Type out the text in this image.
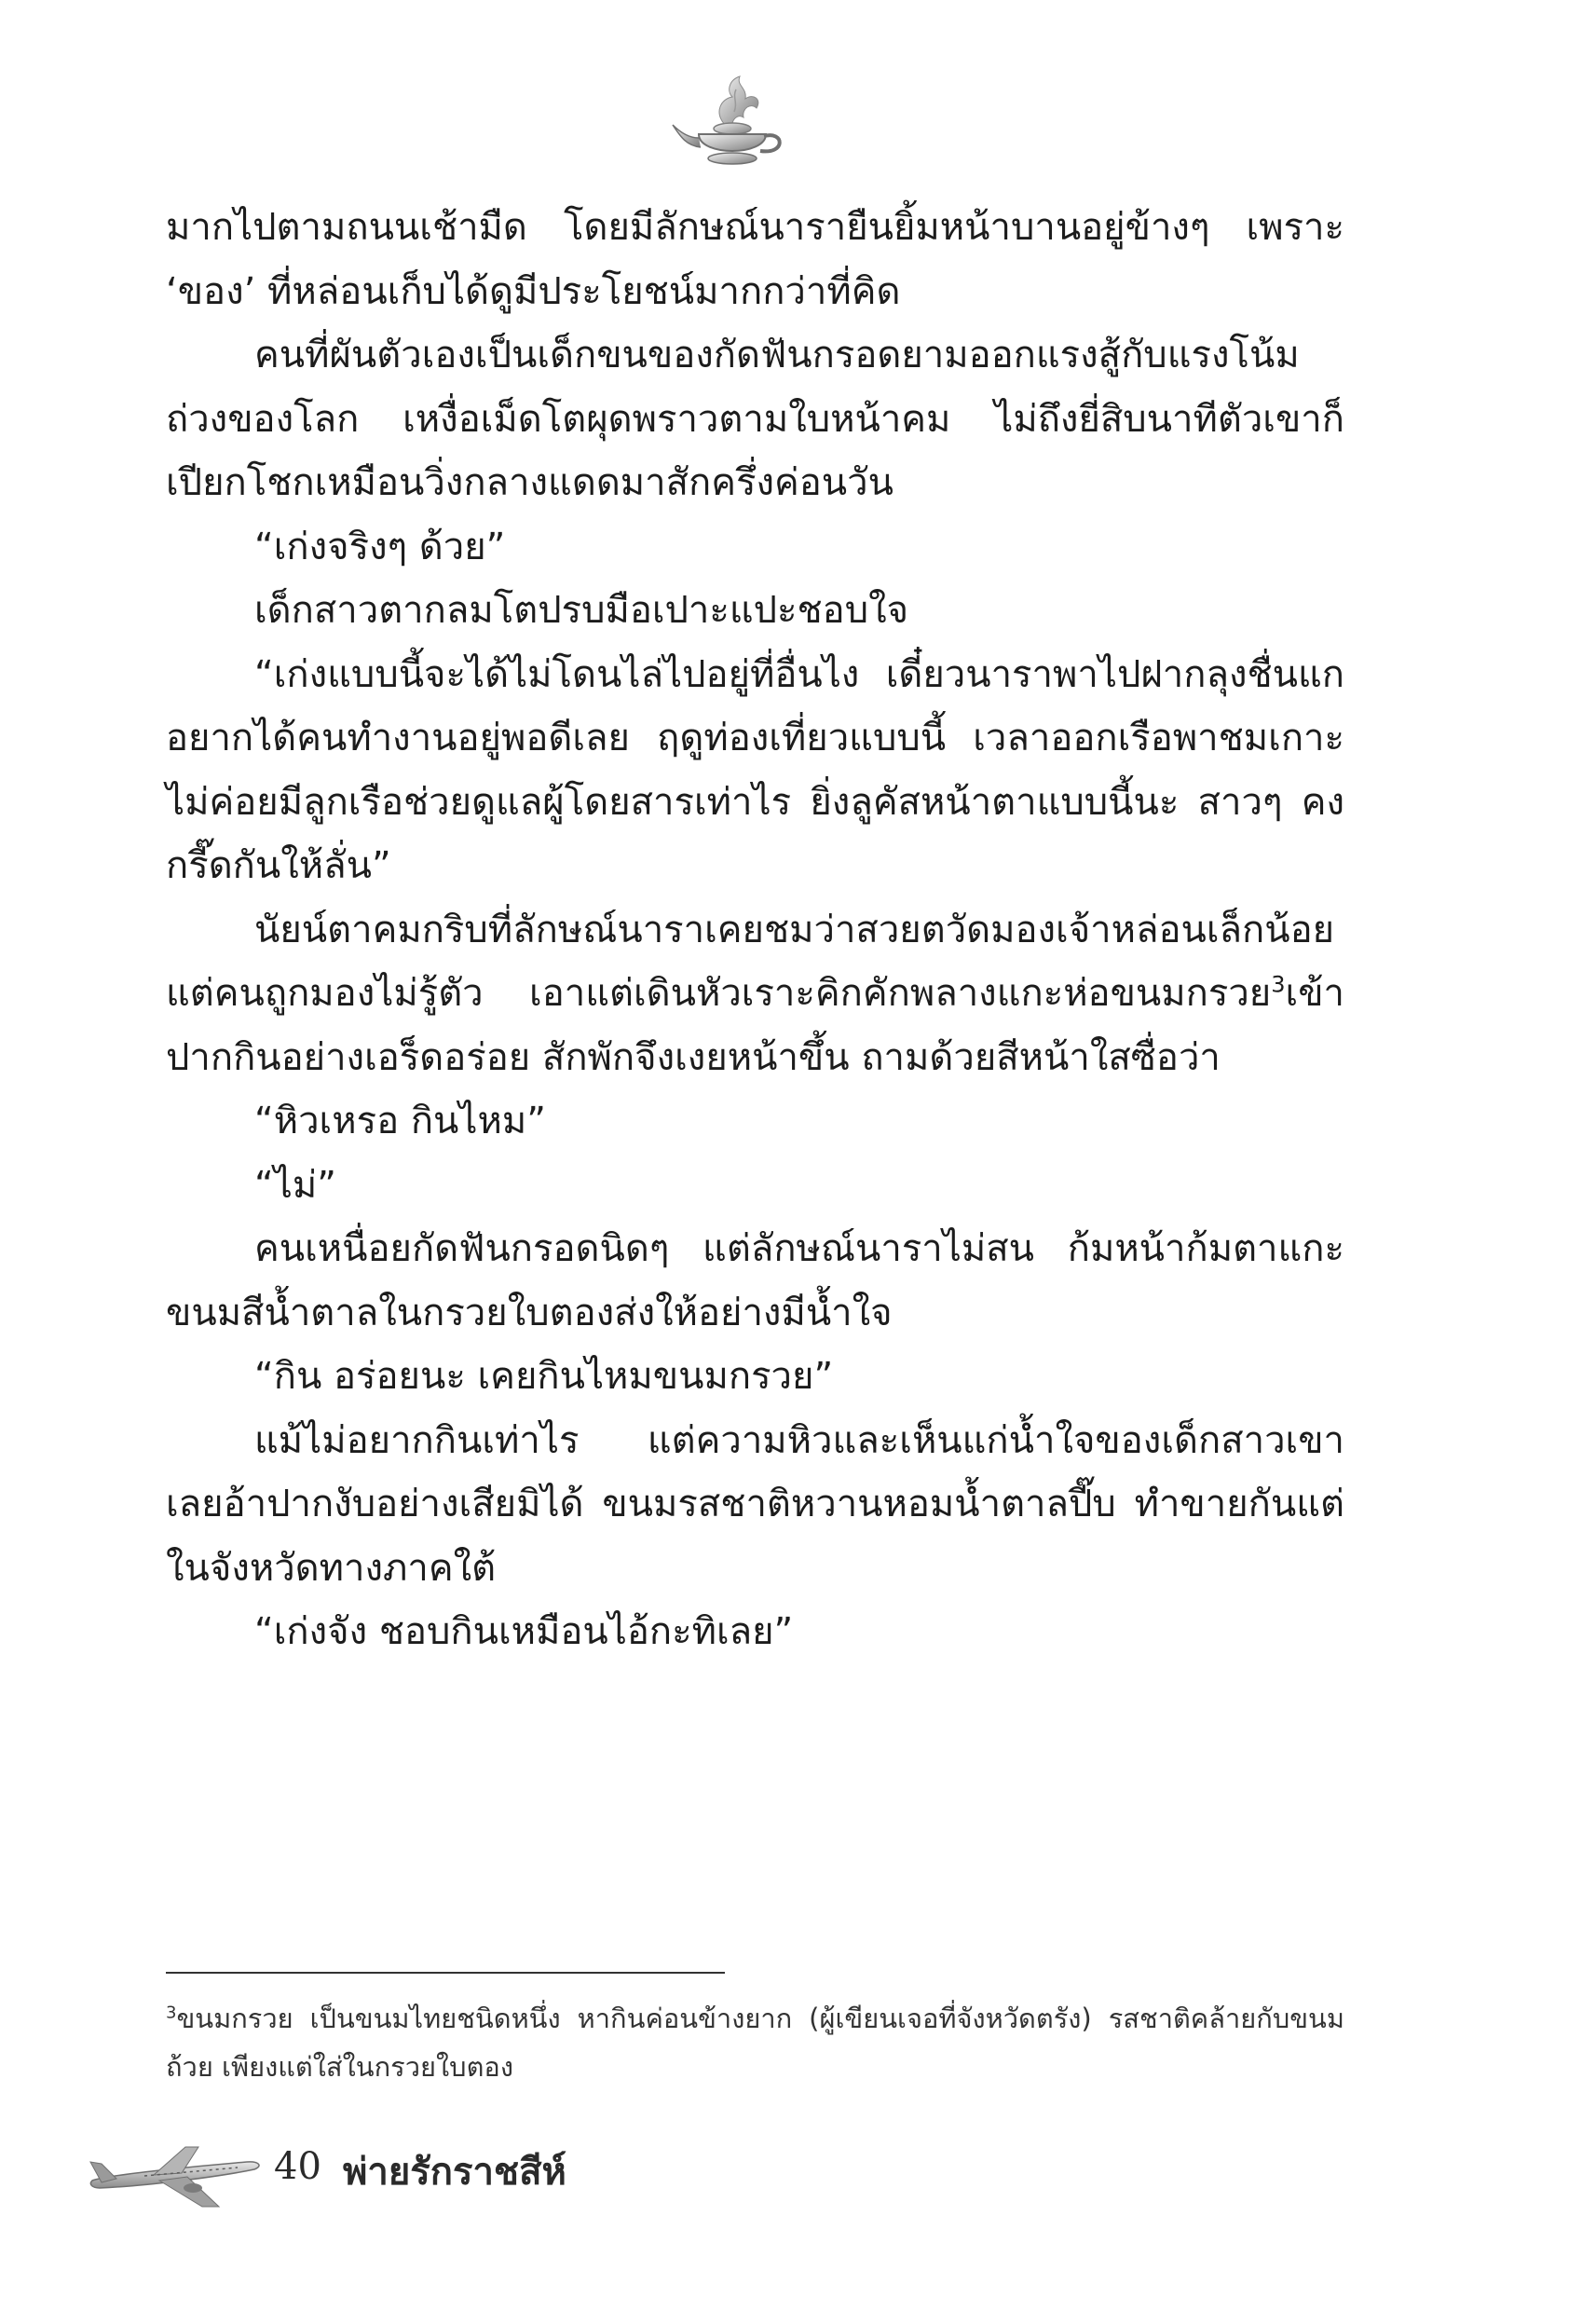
มากไปตามถนนเช้ามืด โดยมีลักษณ์นารายืนยิ้มหน้าบานอยู่ข้างๆ เพราะ ‘ของ’ ที่หล่อนเก็บได้ดูมีประโยชน์มากกว่าที่คิด

คนที่ผันตัวเองเป็นเด็กขนของกัดฟันกรอดยามออกแรงสู้กับแรงโน้มถ่วงของโลก เหงื่อเม็ดโตผุดพราวตามใบหน้าคม ไม่ถึงยี่สิบนาทีตัวเขาก็เปียกโชกเหมือนวิ่งกลางแดดมาสักครึ่งค่อนวัน

“เก่งจริงๆ ด้วย”

เด็กสาวตากลมโตปรบมือเปาะแปะชอบใจ

“เก่งแบบนี้จะได้ไม่โดนไล่ไปอยู่ที่อื่นไง เดี๋ยวนาราพาไปฝากลุงชื่นแกอยากได้คนทำงานอยู่พอดีเลย ฤดูท่องเที่ยวแบบนี้ เวลาออกเรือพาชมเกาะไม่ค่อยมีลูกเรือช่วยดูแลผู้โดยสารเท่าไร ยิ่งลูคัสหน้าตาแบบนี้นะ สาวๆ คงกรี๊ดกันให้ลั่น”

นัยน์ตาคมกริบที่ลักษณ์นาราเคยชมว่าสวยตวัดมองเจ้าหล่อนเล็กน้อย แต่คนถูกมองไม่รู้ตัว เอาแต่เดินหัวเราะคิกคักพลางแกะห่อขนมกรวย$^3$เข้าปากกินอย่างเอร็ดอร่อย สักพักจึงเงยหน้าขึ้น ถามด้วยสีหน้าใสซื่อว่า

“หิวเหรอ กินไหม”

“ไม่”

คนเหนื่อยกัดฟันกรอดนิดๆ แต่ลักษณ์นาราไม่สน ก้มหน้าก้มตาแกะขนมสีน้ำตาลในกรวยใบตองส่งให้อย่างมีน้ำใจ

“กิน อร่อยนะ เคยกินไหมขนมกรวย”

แม้ไม่อยากกินเท่าไร แต่ความหิวและเห็นแก่น้ำใจของเด็กสาวเขาเลยอ้าปากงับอย่างเสียมิได้ ขนมรสชาติหวานหอมน้ำตาลปี๊บ ทำขายกันแต่ในจังหวัดทางภาคใต้

“เก่งจัง ชอบกินเหมือนไอ้กะทิเลย”

$^3$ขนมกรวย เป็นขนมไทยชนิดหนึ่ง หากินค่อนข้างยาก (ผู้เขียนเจอที่จังหวัดตรัง) รสชาติคล้ายกับขนมถ้วย เพียงแต่ใส่ในกรวยใบตอง
40 พ่ายรักราชสีห์
